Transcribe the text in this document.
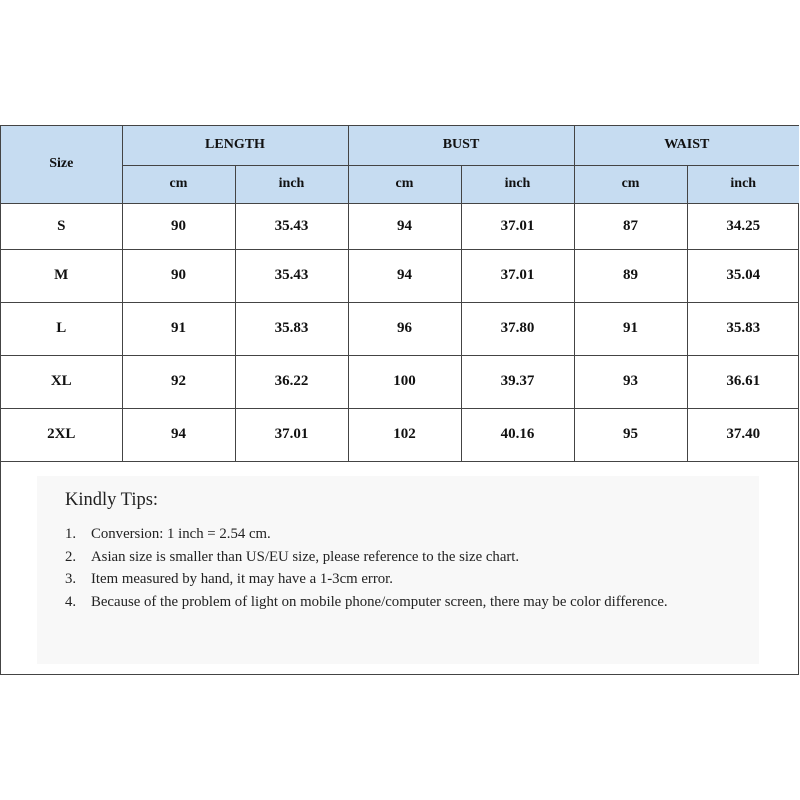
Size	LENGTH		BUST		WAIST	
	cm	inch	cm	inch	cm	inch
S	90	35.43	94	37.01	87	34.25
M	90	35.43	94	37.01	89	35.04
L	91	35.83	96	37.80	91	35.83
XL	92	36.22	100	39.37	93	36.61
2XL	94	37.01	102	40.16	95	37.40
Kindly Tips:
1.	Conversion: 1 inch = 2.54 cm.
2.	Asian size is smaller than US/EU size, please reference to the size chart.
3.	Item measured by hand, it may have a 1-3cm error.
4.	Because of the problem of light on mobile phone/computer screen, there may be color difference.
